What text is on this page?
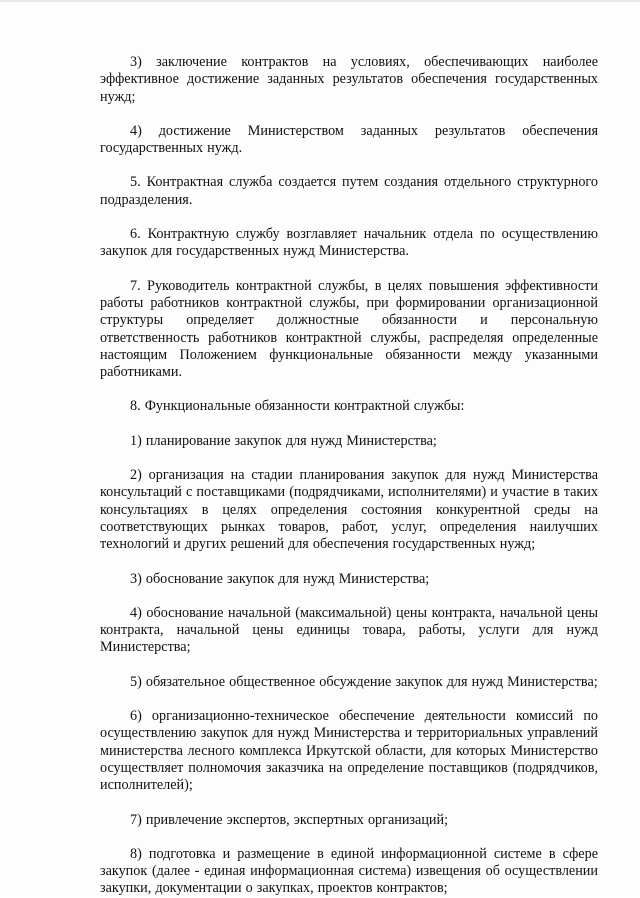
3) заключение контрактов на условиях, обеспечивающих наиболее эффективное достижение заданных результатов обеспечения государственных нужд;

4) достижение Министерством заданных результатов обеспечения государственных нужд.

5. Контрактная служба создается путем создания отдельного структурного подразделения.

6. Контрактную службу возглавляет начальник отдела по осуществлению закупок для государственных нужд Министерства.

7. Руководитель контрактной службы, в целях повышения эффективности работы работников контрактной службы, при формировании организационной структуры определяет должностные обязанности и персональную ответственность работников контрактной службы, распределяя определенные настоящим Положением функциональные обязанности между указанными работниками.

8. Функциональные обязанности контрактной службы:

1) планирование закупок для нужд Министерства;

2) организация на стадии планирования закупок для нужд Министерства консультаций с поставщиками (подрядчиками, исполнителями) и участие в таких консультациях в целях определения состояния конкурентной среды на соответствующих рынках товаров, работ, услуг, определения наилучших технологий и других решений для обеспечения государственных нужд;

3) обоснование закупок для нужд Министерства;

4) обоснование начальной (максимальной) цены контракта, начальной цены контракта, начальной цены единицы товара, работы, услуги для нужд Министерства;

5) обязательное общественное обсуждение закупок для нужд Министерства;

6) организационно-техническое обеспечение деятельности комиссий по осуществлению закупок для нужд Министерства и территориальных управлений министерства лесного комплекса Иркутской области, для которых Министерство осуществляет полномочия заказчика на определение поставщиков (подрядчиков, исполнителей);

7) привлечение экспертов, экспертных организаций;

8) подготовка и размещение в единой информационной системе в сфере закупок (далее - единая информационная система) извещения об осуществлении закупки, документации о закупках, проектов контрактов;
